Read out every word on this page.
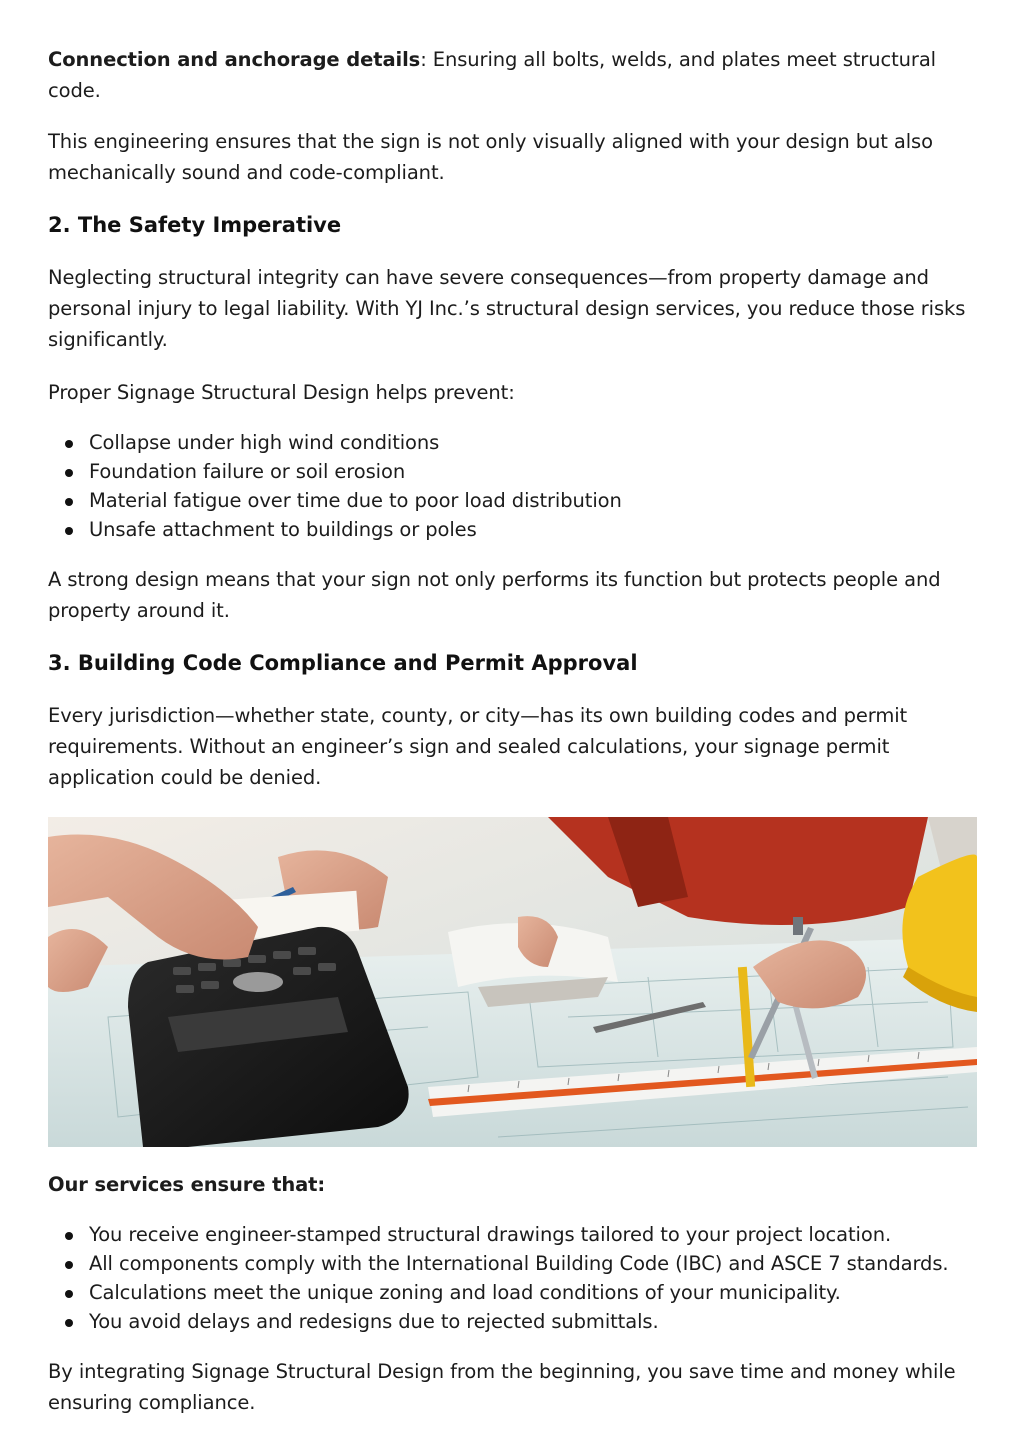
Connection and anchorage details: Ensuring all bolts, welds, and plates meet structural code.

This engineering ensures that the sign is not only visually aligned with your design but also mechanically sound and code-compliant.

2. The Safety Imperative

Neglecting structural integrity can have severe consequences—from property damage and personal injury to legal liability. With YJ Inc.’s structural design services, you reduce those risks significantly.

Proper Signage Structural Design helps prevent:

Collapse under high wind conditions
Foundation failure or soil erosion
Material fatigue over time due to poor load distribution
Unsafe attachment to buildings or poles

A strong design means that your sign not only performs its function but protects people and property around it.

3. Building Code Compliance and Permit Approval

Every jurisdiction—whether state, county, or city—has its own building codes and permit requirements. Without an engineer’s sign and sealed calculations, your signage permit application could be denied.

Our services ensure that:

You receive engineer-stamped structural drawings tailored to your project location.
All components comply with the International Building Code (IBC) and ASCE 7 standards.
Calculations meet the unique zoning and load conditions of your municipality.
You avoid delays and redesigns due to rejected submittals.

By integrating Signage Structural Design from the beginning, you save time and money while ensuring compliance.
